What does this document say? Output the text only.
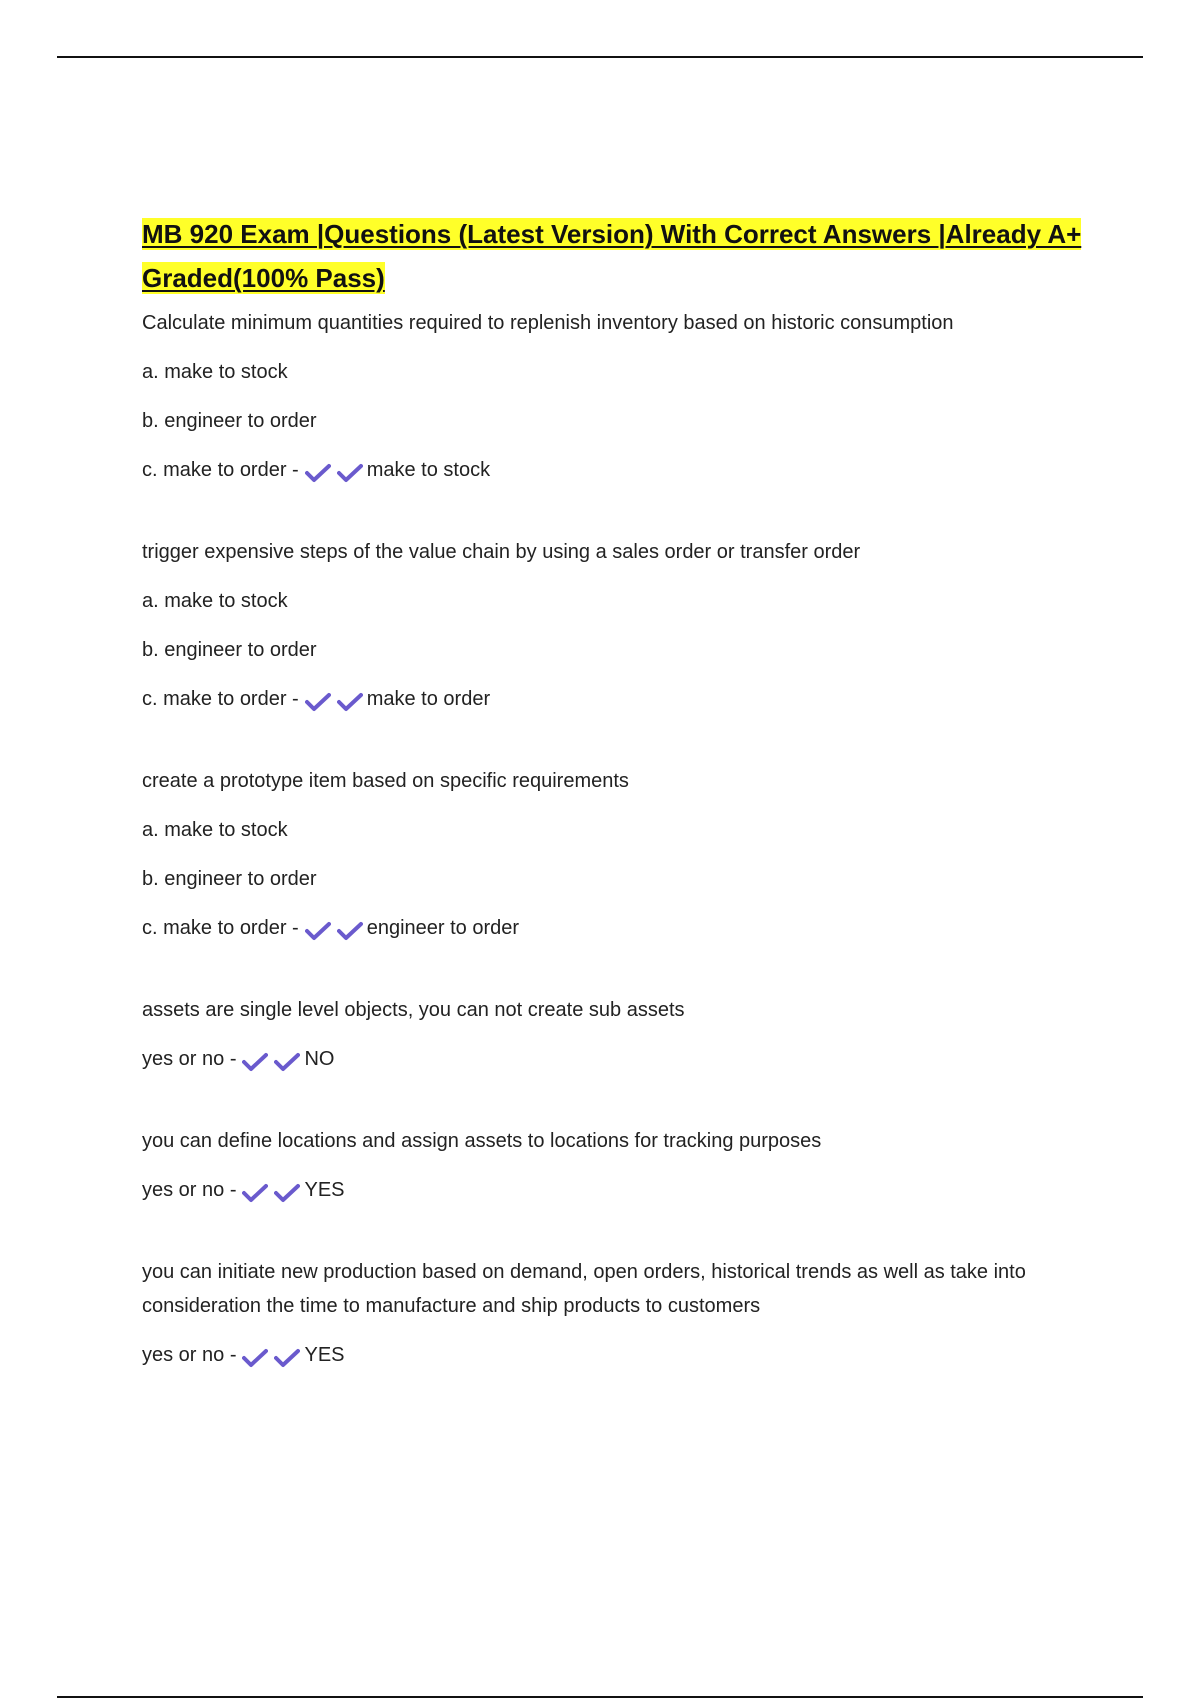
MB 920 Exam |Questions (Latest Version) With Correct Answers |Already A+ Graded(100% Pass)
Calculate minimum quantities required to replenish inventory based on historic consumption
a. make to stock
b. engineer to order
c. make to order -	make to stock
trigger expensive steps of the value chain by using a sales order or transfer order
a. make to stock
b. engineer to order
c. make to order -	make to order
create a prototype item based on specific requirements
a. make to stock
b. engineer to order
c. make to order -	engineer to order
assets are single level objects, you can not create sub assets
yes or no -	NO
you can define locations and assign assets to locations for tracking purposes
yes or no -	YES
you can initiate new production based on demand, open orders, historical trends as well as take into consideration the time to manufacture and ship products to customers
yes or no -	YES
